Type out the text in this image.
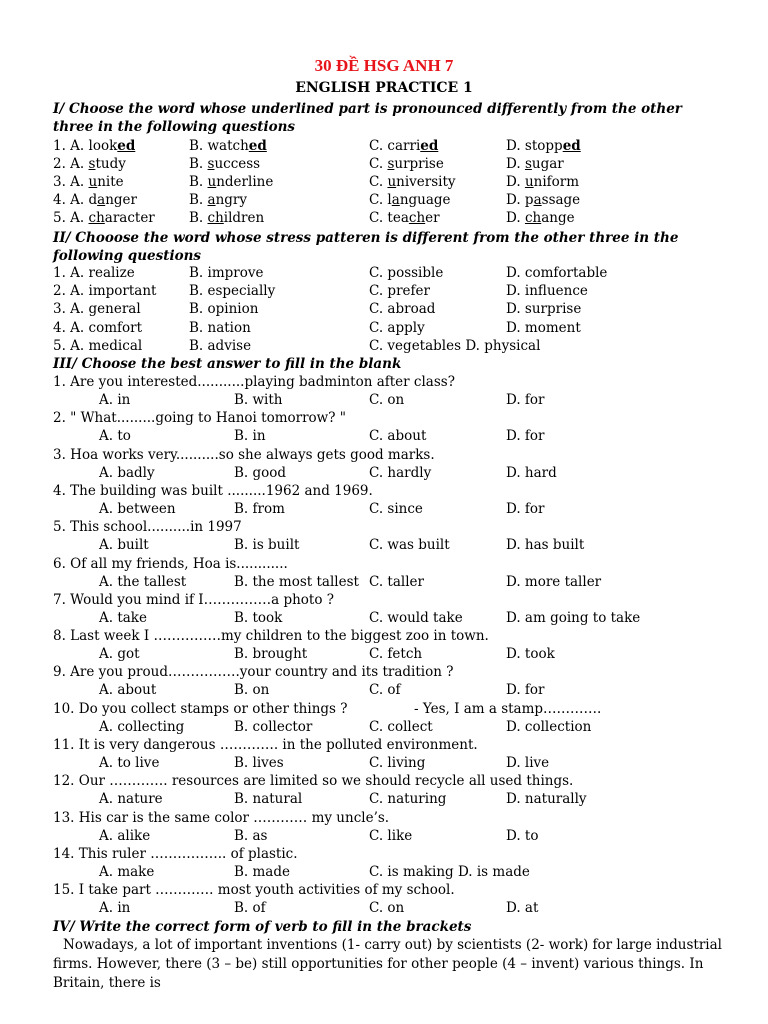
30 ĐỀ HSG ANH 7
ENGLISH PRACTICE 1
I/ Choose the word whose underlined part is pronounced differently from the other three in the following questions
1. A. looked	B. watched	C. carried	D. stopped
2. A. study	B. success	C. surprise	D. sugar
3. A. unite	B. underline	C. university	D. uniform
4. A. danger	B. angry	C. language	D. passage
5. A. character	B. children	C. teacher	D. change
II/ Chooose the word whose stress patteren is different from the other three in the following questions
1. A. realize	B. improve	C. possible	D. comfortable
2. A. important B. especially	C. prefer	D. influence
3. A. general	B. opinion	C. abroad	D. surprise
4. A. comfort	B. nation	C. apply	D. moment
5. A. medical	B. advise	C. vegetables D. physical
III/ Choose the best answer to fill in the blank
1. Are you interested...........playing badminton after class?
A. in	B. with	C. on	D. for
2. " What.........going to Hanoi tomorrow? "
A. to	B. in	C. about	D. for
3. Hoa works very..........so she always gets good marks.
A. badly	B. good	C. hardly	D. hard
4. The building was built .........1962 and 1969.
A. between	B. from	C. since	D. for
5. This school..........in 1997
A. built	B. is built	C. was built	D. has built
6. Of all my friends, Hoa is............
A. the tallest	B. the most tallest C. taller	D. more taller
7. Would you mind if I……………a photo ?
A. take	B. took	C. would take	D. am going to take
8. Last week I ……………my children to the biggest zoo in town.
A. got	B. brought	C. fetch	D. took
9. Are you proud…………….your country and its tradition ?
A. about	B. on	C. of	D. for
10. Do you collect stamps or other things ?	- Yes, I am a stamp………….
A. collecting	B. collector	C. collect	D. collection
11. It is very dangerous …………. in the polluted environment.
A. to live	B. lives	C. living	D. live
12. Our …………. resources are limited so we should recycle all used things.
A. nature	B. natural	C. naturing	D. naturally
13. His car is the same color ………… my uncle’s.
A. alike	B. as	C. like	D. to
14. This ruler …………….. of plastic.
A. make	B. made	C. is making D. is made
15. I take part …………. most youth activities of my school.
A. in	B. of	C. on	D. at
IV/ Write the correct form of verb to fill in the brackets
Nowadays, a lot of important inventions (1- carry out) by scientists (2- work) for large industrial firms. However, there (3 – be) still opportunities for other people (4 – invent) various things. In Britain, there is
